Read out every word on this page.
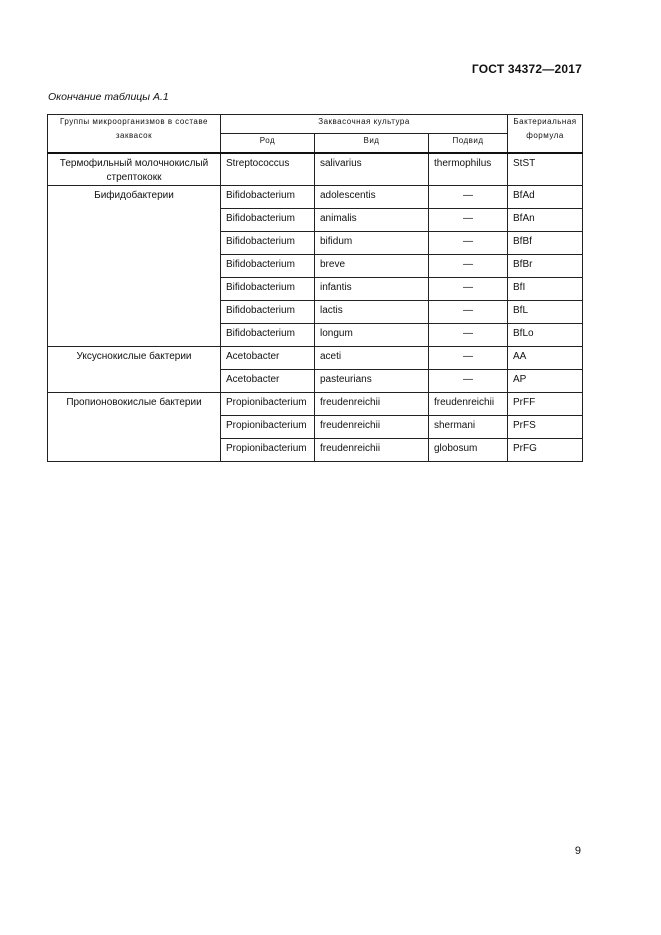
ГОСТ 34372—2017
Окончание таблицы А.1
Группы микроорганизмов в составе заквасок	Заквасочная культура			Бактериальная формула
	Род	Вид	Подвид	
Термофильный молочнокислый стрептококк	Streptococcus	salivarius	thermophilus	StST
Бифидобактерии	Bifidobacterium	adolescentis	—	BfAd
	Bifidobacterium	animalis	—	BfAn
	Bifidobacterium	bifidum	—	BfBf
	Bifidobacterium	breve	—	BfBr
	Bifidobacterium	infantis	—	BfI
	Bifidobacterium	lactis	—	BfL
	Bifidobacterium	longum	—	BfLo
Уксуснокислые бактерии	Acetobacter	aceti	—	AA
	Acetobacter	pasteurians	—	AP
Пропионовокислые бактерии	Propionibacterium	freudenreichii	freudenreichii	PrFF
	Propionibacterium	freudenreichii	shermani	PrFS
	Propionibacterium	freudenreichii	globosum	PrFG
9
